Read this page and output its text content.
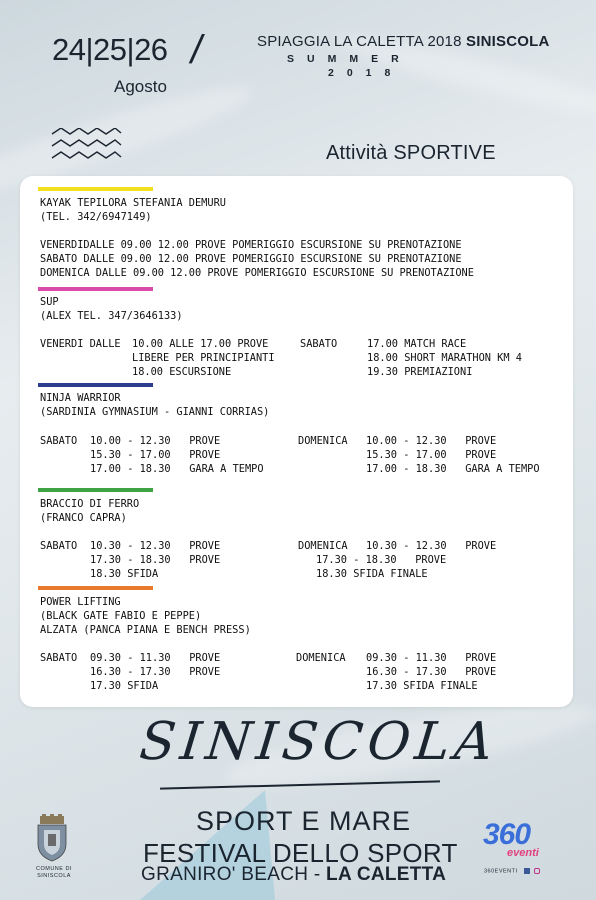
24|25|26
Agosto
/	SPIAGGIA LA CALETTA 2018 SINISCOLA
SUMMER
2018
Attività SPORTIVE
KAYAK TEPILORA STEFANIA DEMURU
(TEL. 342/6947149)
VENERDIDALLE 09.00 12.00 PROVE POMERIGGIO ESCURSIONE SU PRENOTAZIONE
SABATO DALLE 09.00 12.00 PROVE POMERIGGIO ESCURSIONE SU PRENOTAZIONE
DOMENICA DALLE 09.00 12.00 PROVE POMERIGGIO ESCURSIONE SU PRENOTAZIONE
SUP
(ALEX TEL. 347/3646133)
VENERDI DALLE 10.00 ALLE 17.00 PROVE
LIBERE PER PRINCIPIANTI
18.00 ESCURSIONE
SABATO	17.00 MATCH RACE
18.00 SHORT MARATHON KM 4
19.30 PREMIAZIONI
NINJA WARRIOR
(SARDINIA GYMNASIUM - GIANNI CORRIAS)
SABATO 10.00 - 12.30   PROVE
15.30 - 17.00   PROVE
17.00 - 18.30   GARA A TEMPO
DOMENICA 10.00 - 12.30   PROVE
15.30 - 17.00   PROVE
17.00 - 18.30   GARA A TEMPO
BRACCIO DI FERRO
(FRANCO CAPRA)
SABATO 10.30 - 12.30   PROVE
17.30 - 18.30   PROVE
18.30 SFIDA
DOMENICA 10.30 - 12.30   PROVE
17.30 - 18.30   PROVE
18.30 SFIDA FINALE
POWER LIFTING
(BLACK GATE FABIO E PEPPE)
ALZATA (PANCA PIANA E BENCH PRESS)
SABATO 09.30 - 11.30   PROVE
16.30 - 17.30   PROVE
17.30 SFIDA
DOMENICA 09.30 - 11.30   PROVE
16.30 - 17.30   PROVE
17.30 SFIDA FINALE
SINISCOLA
SPORT E MARE
FESTIVAL DELLO SPORT
GRANIRO' BEACH - LA CALETTA
COMUNE DI SINISCOLA
360
eventi
360EVENTI
